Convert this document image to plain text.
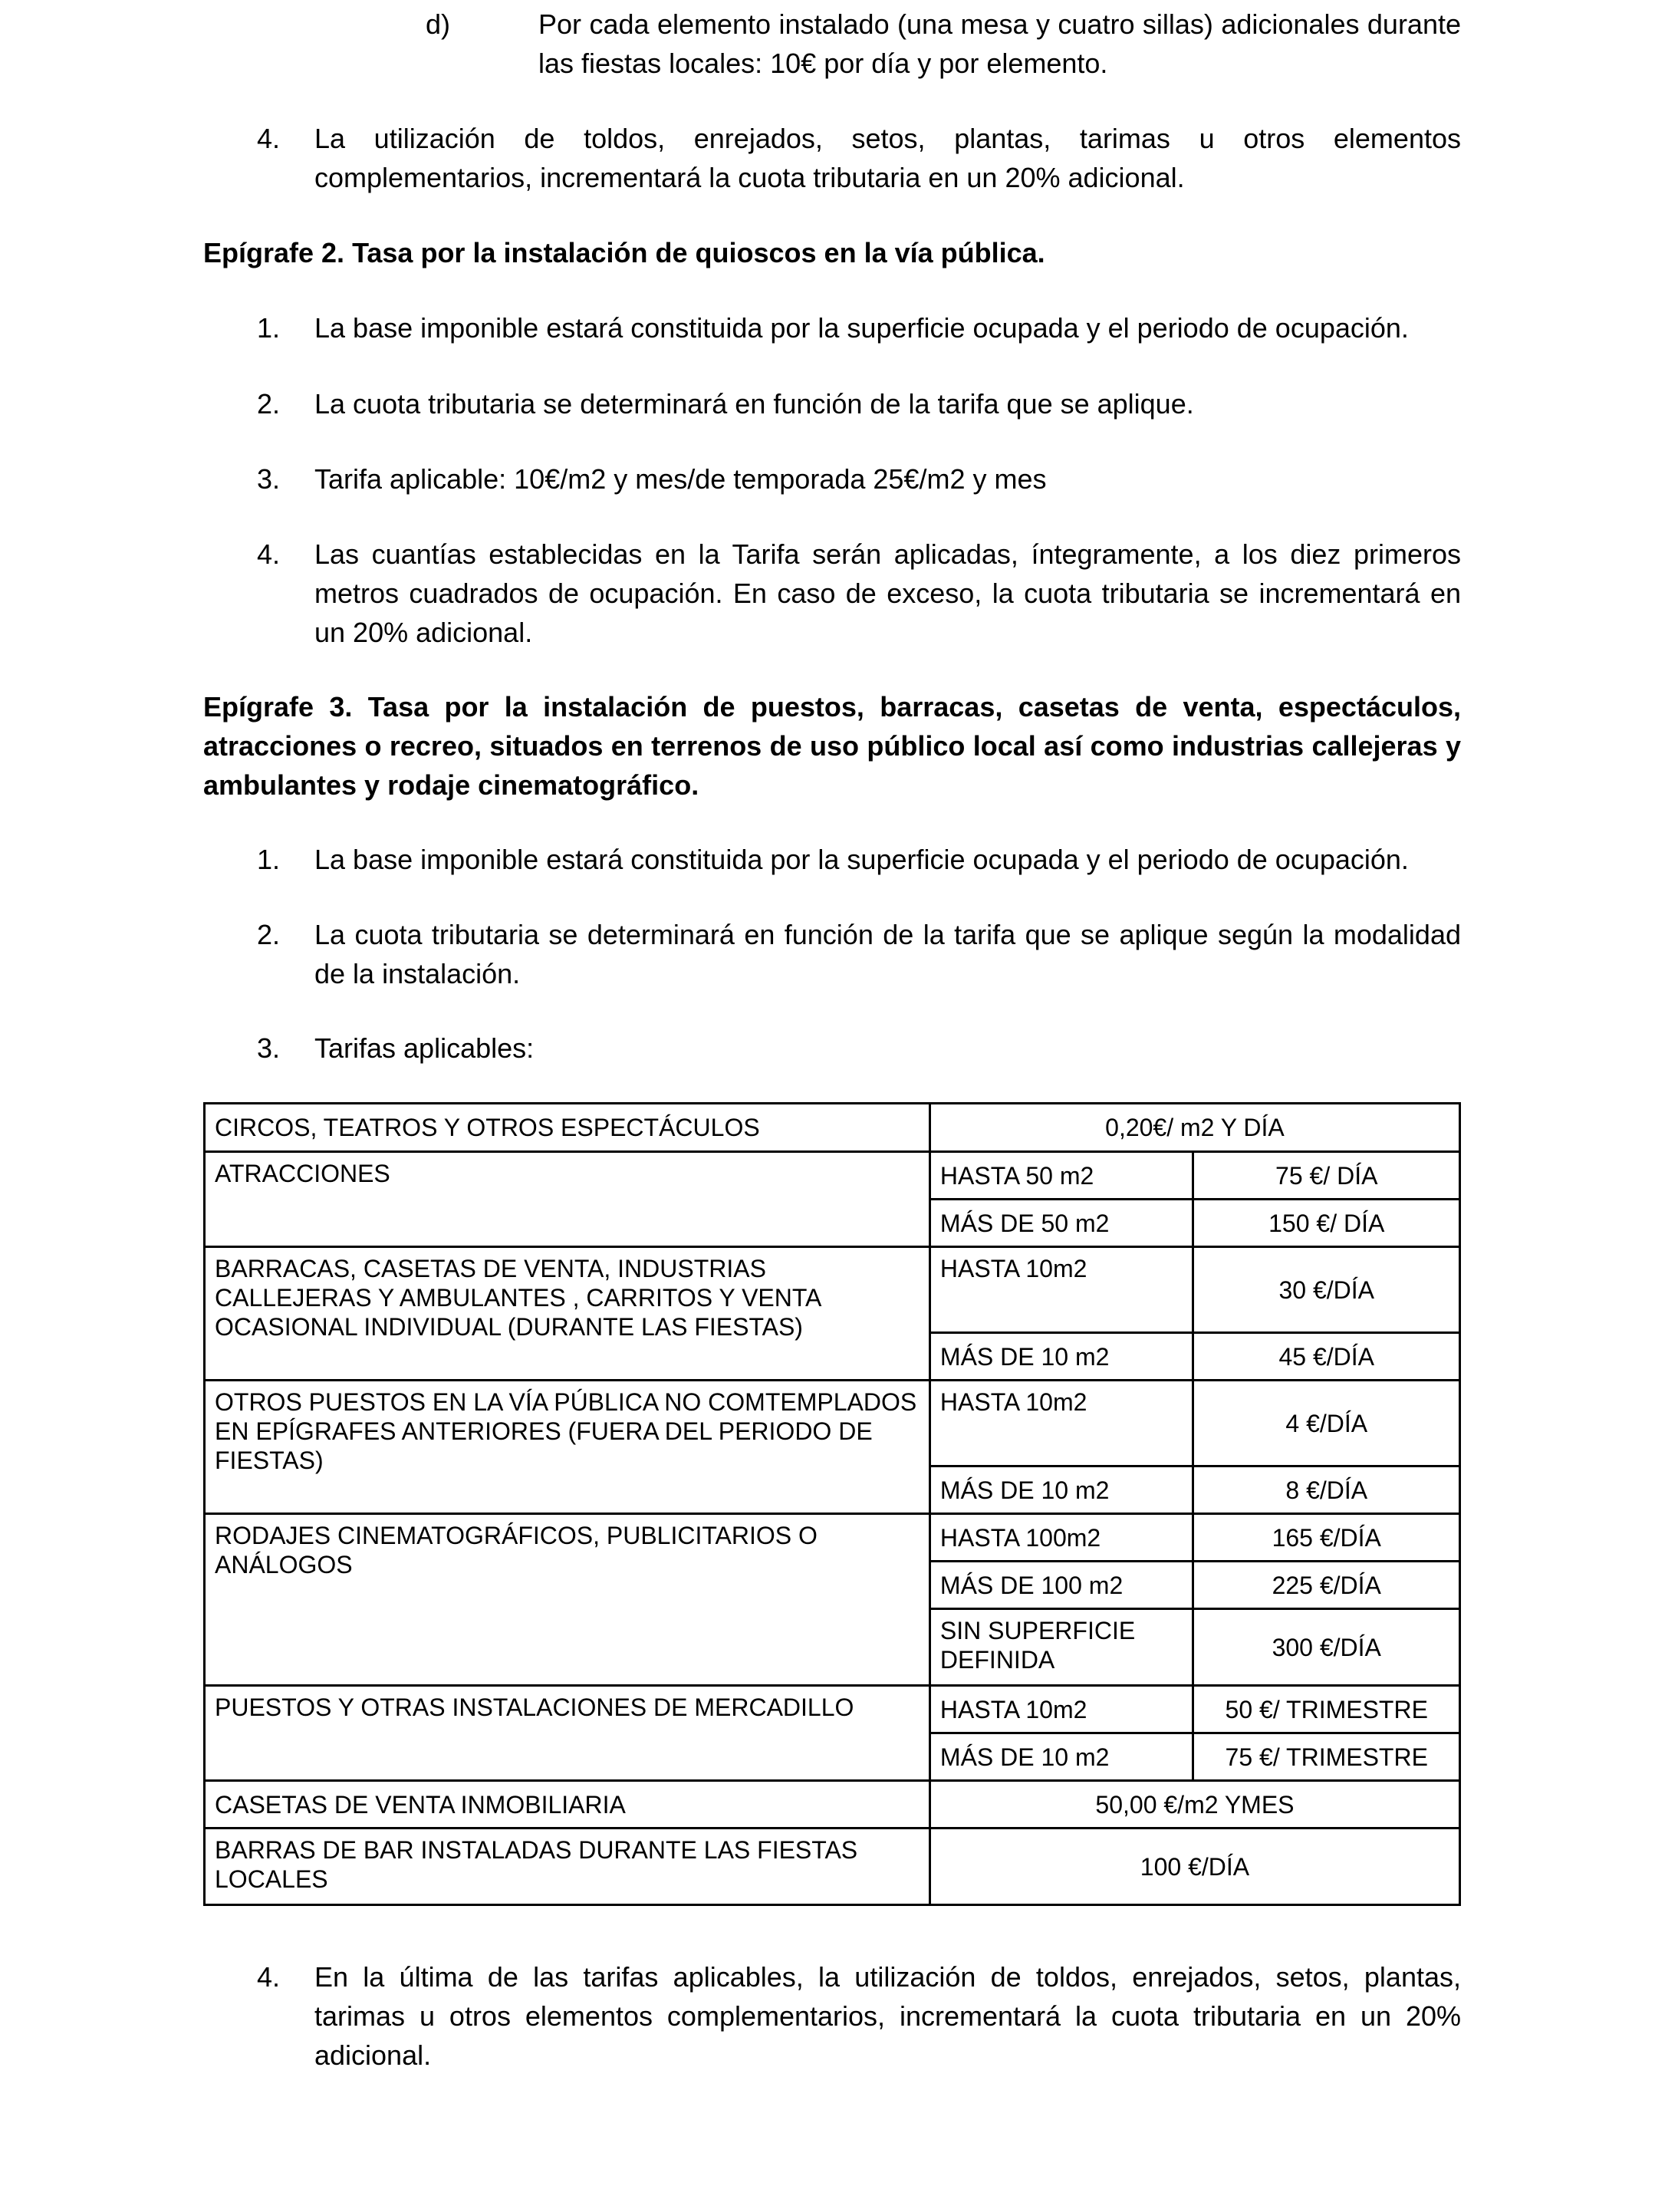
d)	Por cada elemento instalado (una mesa y cuatro sillas) adicionales durante las fiestas locales: 10€ por día y por elemento.
4.	La utilización de toldos, enrejados, setos, plantas, tarimas u otros elementos complementarios, incrementará la cuota tributaria en un 20% adicional.
Epígrafe 2. Tasa por la instalación de quioscos en la vía pública.
1.	La base imponible estará constituida por la superficie ocupada y el periodo de ocupación.
2.	La cuota tributaria se determinará en función de la tarifa que se aplique.
3.	Tarifa aplicable: 10€/m2 y mes/de temporada 25€/m2 y mes
4.	Las cuantías establecidas en la Tarifa serán aplicadas, íntegramente, a los diez primeros metros cuadrados de ocupación. En caso de exceso, la cuota tributaria se incrementará en un 20% adicional.
Epígrafe 3. Tasa por la instalación de puestos, barracas, casetas de venta, espectáculos, atracciones o recreo, situados en terrenos de uso público local así como industrias callejeras y ambulantes y rodaje cinematográfico.
1.	La base imponible estará constituida por la superficie ocupada y el periodo de ocupación.
2.	La cuota tributaria se determinará en función de la tarifa que se aplique según la modalidad de la instalación.
3.	Tarifas aplicables:
CIRCOS, TEATROS Y OTROS ESPECTÁCULOS	0,20€/ m2 Y DÍA	
ATRACCIONES	HASTA 50 m2	75 €/ DÍA
	MÁS DE 50 m2	150 €/ DÍA
BARRACAS, CASETAS DE VENTA, INDUSTRIAS CALLEJERAS Y AMBULANTES , CARRITOS Y VENTA OCASIONAL INDIVIDUAL (DURANTE LAS FIESTAS)	HASTA 10m2	30 €/DÍA
	MÁS DE 10 m2	45 €/DÍA
OTROS PUESTOS EN LA VÍA PÚBLICA NO COMTEMPLADOS EN EPÍGRAFES ANTERIORES (FUERA DEL PERIODO DE FIESTAS)	HASTA 10m2	4 €/DÍA
	MÁS DE 10 m2	8 €/DÍA
RODAJES CINEMATOGRÁFICOS, PUBLICITARIOS O ANÁLOGOS	HASTA 100m2	165 €/DÍA
	MÁS DE 100 m2	225 €/DÍA
	SIN SUPERFICIE DEFINIDA	300 €/DÍA
PUESTOS Y OTRAS INSTALACIONES DE MERCADILLO	HASTA 10m2	50 €/ TRIMESTRE
	MÁS DE 10 m2	75 €/ TRIMESTRE
CASETAS DE VENTA INMOBILIARIA	50,00 €/m2 YMES	
BARRAS DE BAR INSTALADAS DURANTE LAS FIESTAS LOCALES	100 €/DÍA	
4.	En la última de las tarifas aplicables, la utilización de toldos, enrejados, setos, plantas, tarimas u otros elementos complementarios, incrementará la cuota tributaria en un 20% adicional.
